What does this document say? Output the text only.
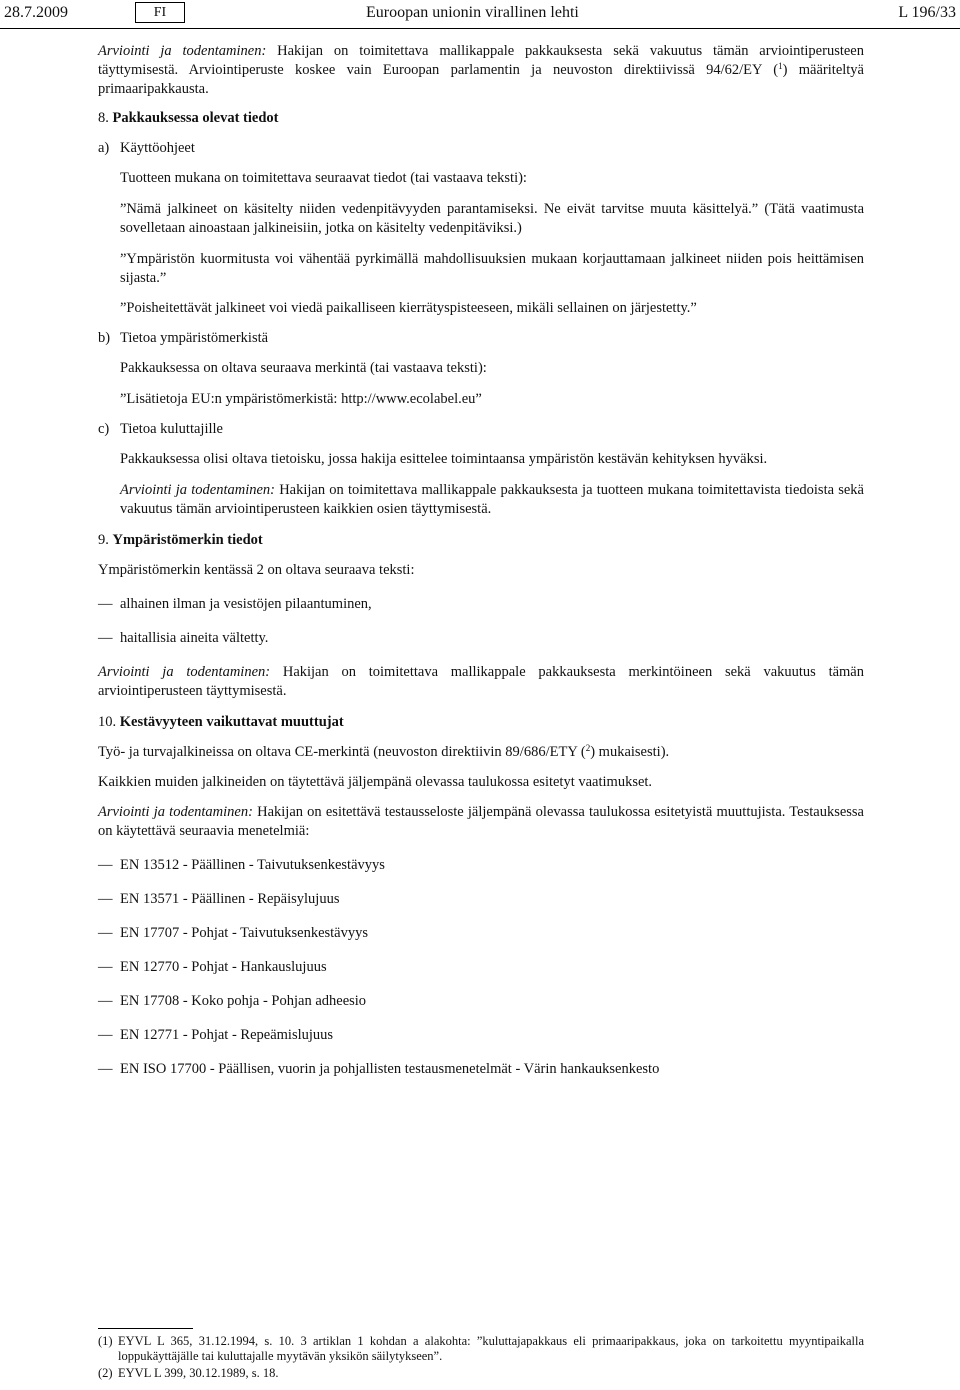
28.7.2009	FI	Euroopan unionin virallinen lehti	L 196/33

Arviointi ja todentaminen: Hakijan on toimitettava mallikappale pakkauksesta sekä vakuutus tämän arviointiperusteen täyttymisestä. Arviointiperuste koskee vain Euroopan parlamentin ja neuvoston direktiivissä 94/62/EY ($^1$) määriteltyä primaaripakkausta.

8. Pakkauksessa olevat tiedot
a) Käyttöohjeet

Tuotteen mukana on toimitettava seuraavat tiedot (tai vastaava teksti):

”Nämä jalkineet on käsitelty niiden vedenpitävyyden parantamiseksi. Ne eivät tarvitse muuta käsittelyä.” (Tätä vaatimusta sovelletaan ainoastaan jalkineisiin, jotka on käsitelty vedenpitäviksi.)

”Ympäristön kuormitusta voi vähentää pyrkimällä mahdollisuuksien mukaan korjauttamaan jalkineet niiden pois heittämisen sijasta.”

”Poisheitettävät jalkineet voi viedä paikalliseen kierrätyspisteeseen, mikäli sellainen on järjestetty.”

b) Tietoa ympäristömerkistä

Pakkauksessa on oltava seuraava merkintä (tai vastaava teksti):

”Lisätietoja EU:n ympäristömerkistä: http://www.ecolabel.eu”

c) Tietoa kuluttajille

Pakkauksessa olisi oltava tietoisku, jossa hakija esittelee toimintaansa ympäristön kestävän kehityksen hyväksi.

Arviointi ja todentaminen: Hakijan on toimitettava mallikappale pakkauksesta ja tuotteen mukana toimitettavista tiedoista sekä vakuutus tämän arviointiperusteen kaikkien osien täyttymisestä.

9. Ympäristömerkin tiedot

Ympäristömerkin kentässä 2 on oltava seuraava teksti:

— alhainen ilman ja vesistöjen pilaantuminen,
— haitallisia aineita vältetty.

Arviointi ja todentaminen: Hakijan on toimitettava mallikappale pakkauksesta merkintöineen sekä vakuutus tämän arviointiperusteen täyttymisestä.

10. Kestävyyteen vaikuttavat muuttujat

Työ- ja turvajalkineissa on oltava CE-merkintä (neuvoston direktiivin 89/686/ETY ($^2$) mukaisesti).

Kaikkien muiden jalkineiden on täytettävä jäljempänä olevassa taulukossa esitetyt vaatimukset.

Arviointi ja todentaminen: Hakijan on esitettävä testausseloste jäljempänä olevassa taulukossa esitetyistä muuttujista. Testauksessa on käytettävä seuraavia menetelmiä:

— EN 13512 - Päällinen - Taivutuksenkestävyys
— EN 13571 - Päällinen - Repäisylujuus
— EN 17707 - Pohjat - Taivutuksenkestävyys
— EN 12770 - Pohjat - Hankauslujuus
— EN 17708 - Koko pohja - Pohjan adheesio
— EN 12771 - Pohjat - Repeämislujuus
— EN ISO 17700 - Päällisen, vuorin ja pohjallisten testausmenetelmät - Värin hankauksenkesto
(1) EYVL L 365, 31.12.1994, s. 10. 3 artiklan 1 kohdan a alakohta: ”kuluttajapakkaus eli primaaripakkaus, joka on tarkoitettu myyntipaikalla loppukäyttäjälle tai kuluttajalle myytävän yksikön säilytykseen”.
(2) EYVL L 399, 30.12.1989, s. 18.
